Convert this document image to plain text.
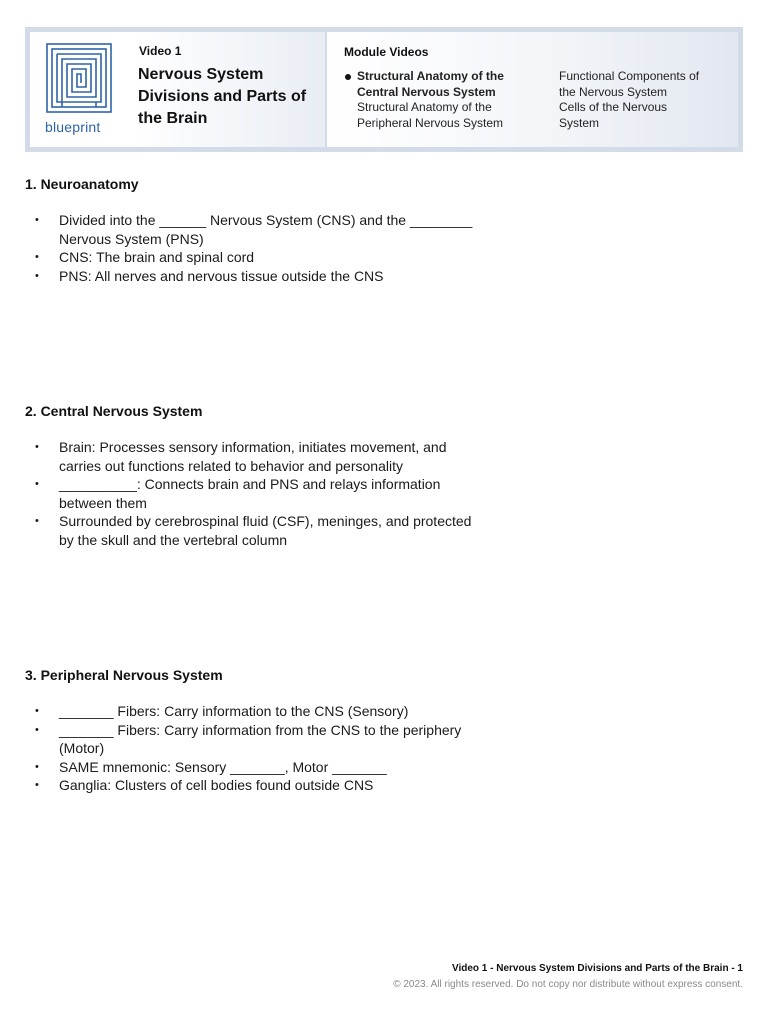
blueprint
Video 1
Nervous System Divisions and Parts of the Brain
Module Videos
Structural Anatomy of the Central Nervous System
Structural Anatomy of the Peripheral Nervous System
Functional Components of the Nervous System
Cells of the Nervous System
1. Neuroanatomy
• Divided into the ______ Nervous System (CNS) and the ________ Nervous System (PNS)
• CNS: The brain and spinal cord
• PNS: All nerves and nervous tissue outside the CNS
2. Central Nervous System
• Brain: Processes sensory information, initiates movement, and carries out functions related to behavior and personality
• __________: Connects brain and PNS and relays information between them
• Surrounded by cerebrospinal fluid (CSF), meninges, and protected by the skull and the vertebral column
3. Peripheral Nervous System
• _______ Fibers: Carry information to the CNS (Sensory)
• _______ Fibers: Carry information from the CNS to the periphery (Motor)
• SAME mnemonic: Sensory _______, Motor _______
• Ganglia: Clusters of cell bodies found outside CNS
Video 1 - Nervous System Divisions and Parts of the Brain - 1
© 2023. All rights reserved. Do not copy nor distribute without express consent.
